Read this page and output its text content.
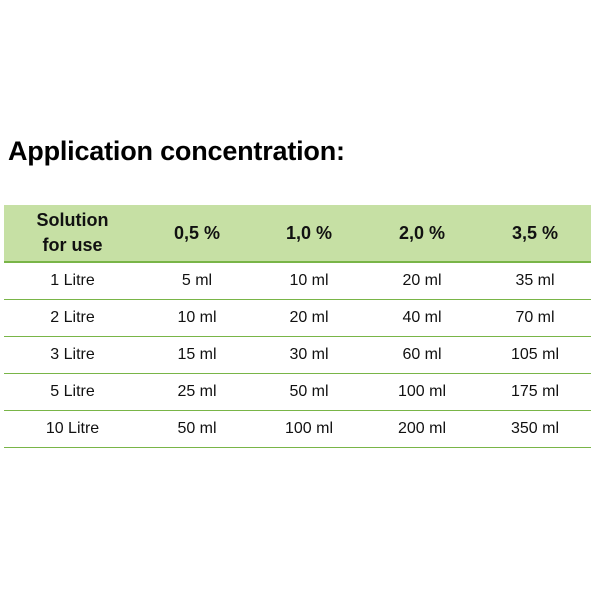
Application concentration:
Solution
for use	0,5 %	1,0 %	2,0 %	3,5 %
1 Litre	5 ml	10 ml	20 ml	35 ml
2 Litre	10 ml	20 ml	40 ml	70 ml
3 Litre	15 ml	30 ml	60 ml	105 ml
5 Litre	25 ml	50 ml	100 ml	175 ml
10 Litre	50 ml	100 ml	200 ml	350 ml
